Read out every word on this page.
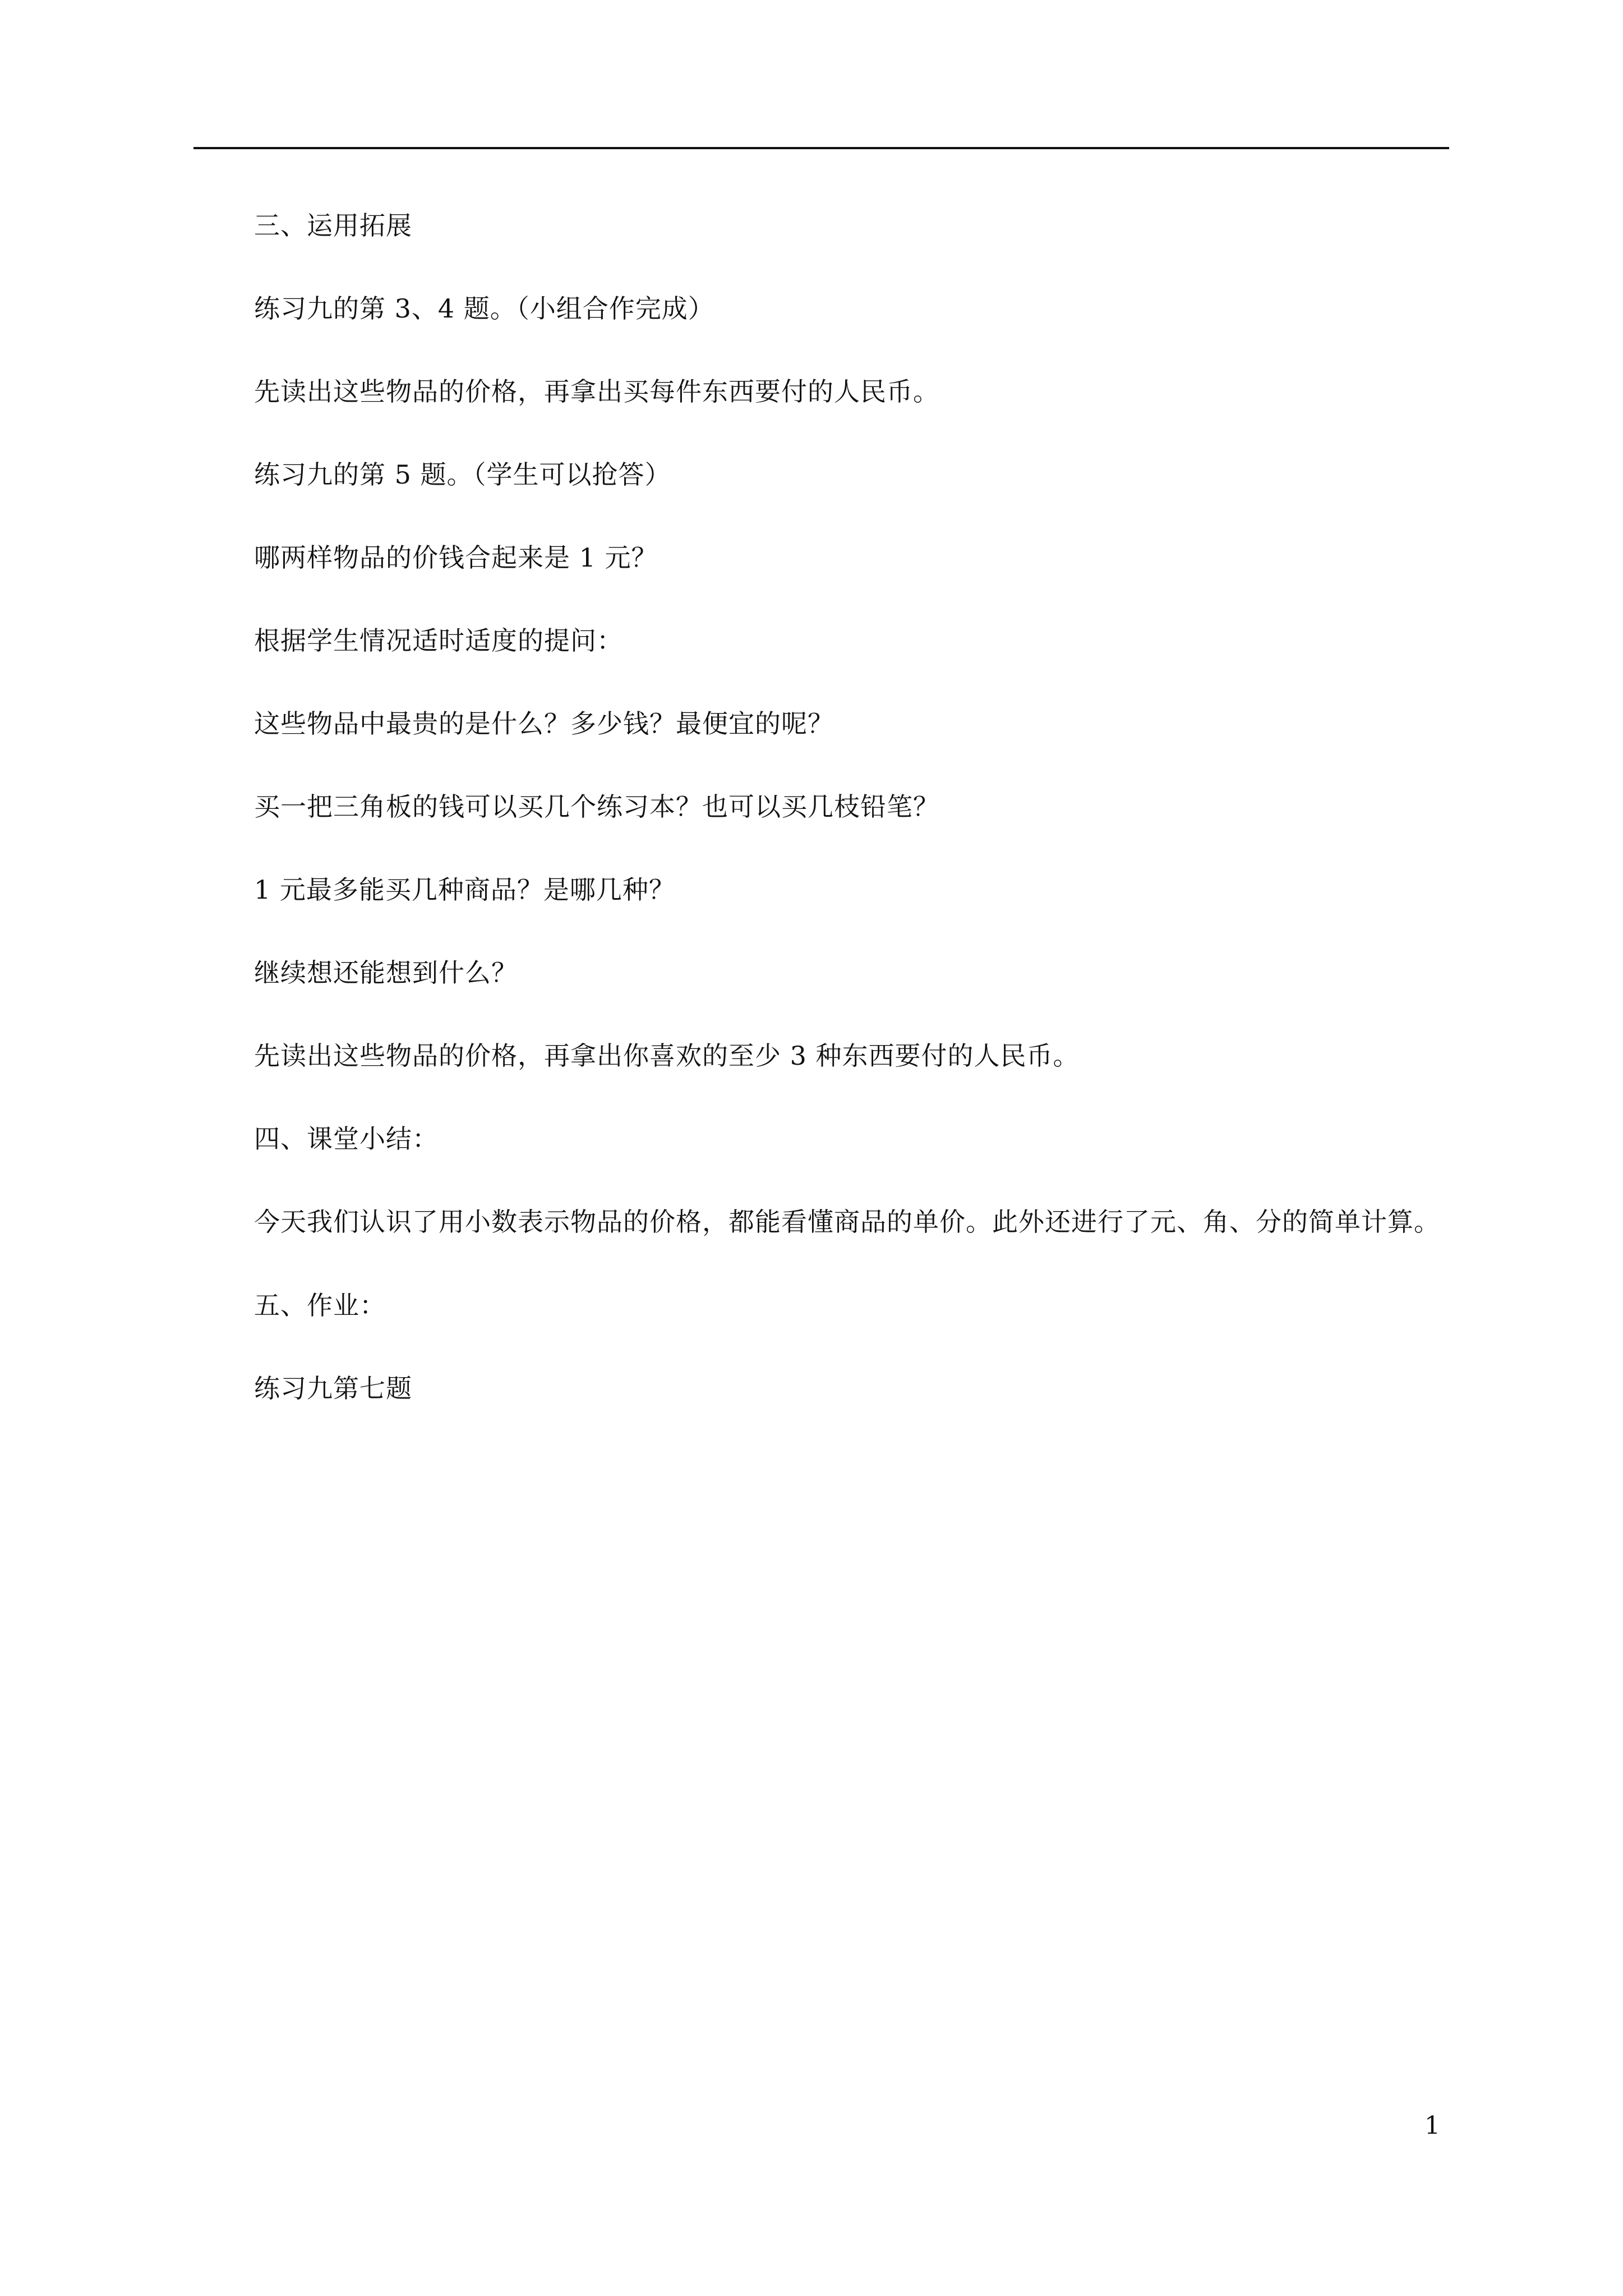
三、运用拓展

练习九的第 3、4 题。（小组合作完成）

先读出这些物品的价格，再拿出买每件东西要付的人民币。

练习九的第 5 题。（学生可以抢答）

哪两样物品的价钱合起来是 1 元？

根据学生情况适时适度的提问：

这些物品中最贵的是什么？多少钱？最便宜的呢？

买一把三角板的钱可以买几个练习本？也可以买几枝铅笔？

1 元最多能买几种商品？是哪几种？

继续想还能想到什么？

先读出这些物品的价格，再拿出你喜欢的至少 3 种东西要付的人民币。

四、课堂小结：

今天我们认识了用小数表示物品的价格，都能看懂商品的单价。此外还进行了元、角、分的简单计算。

五、作业：

练习九第七题

1
